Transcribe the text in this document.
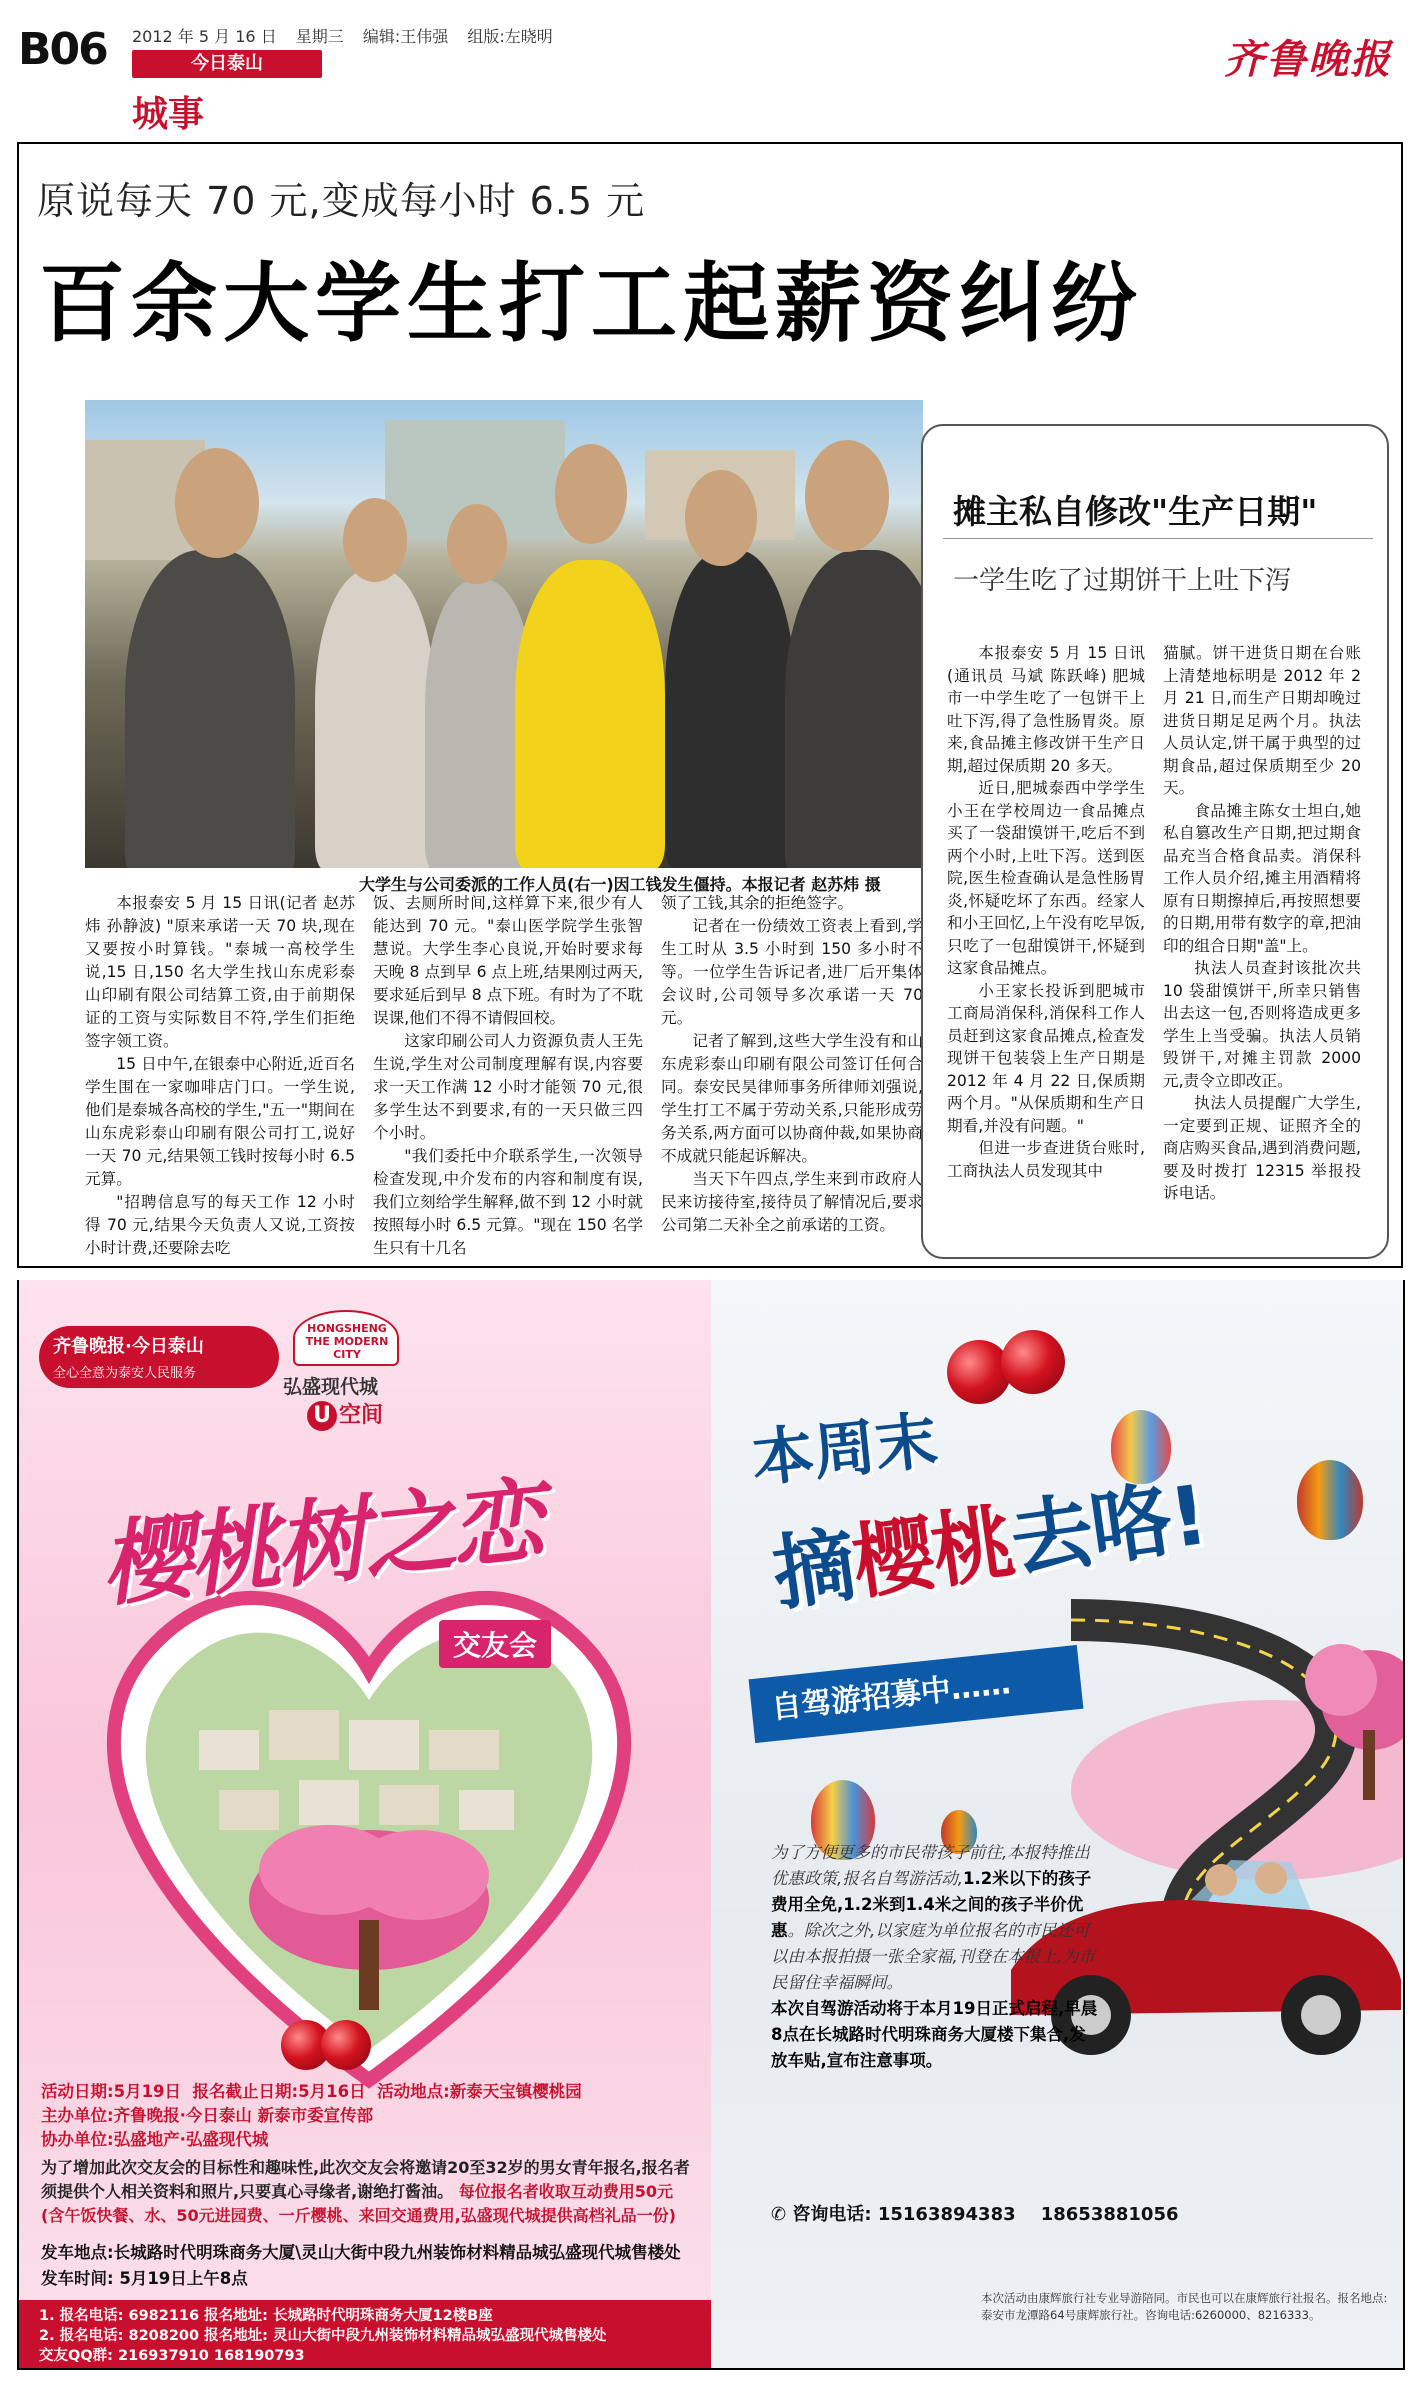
B06 2012 年 5 月 16 日 星期三 编辑:王伟强 组版:左晓明
今日泰山
城事
齐鲁晚报
原说每天 70 元,变成每小时 6.5 元
百余大学生打工起薪资纠纷
大学生与公司委派的工作人员(右一)因工钱发生僵持。本报记者 赵苏炜 摄

本报泰安 5 月 15 日讯(记者 赵苏炜 孙静波) "原来承诺一天 70 块,现在又要按小时算钱。"泰城一高校学生说,15 日,150 名大学生找山东虎彩泰山印刷有限公司结算工资,由于前期保证的工资与实际数目不符,学生们拒绝签字领工资。

15 日中午,在银泰中心附近,近百名学生围在一家咖啡店门口。一学生说,他们是泰城各高校的学生,"五一"期间在山东虎彩泰山印刷有限公司打工,说好一天 70 元,结果领工钱时按每小时 6.5 元算。

"招聘信息写的每天工作 12 小时得 70 元,结果今天负责人又说,工资按小时计费,还要除去吃

饭、去厕所时间,这样算下来,很少有人能达到 70 元。"泰山医学院学生张智慧说。大学生李心良说,开始时要求每天晚 8 点到早 6 点上班,结果刚过两天,要求延后到早 8 点下班。有时为了不耽误课,他们不得不请假回校。

这家印刷公司人力资源负责人王先生说,学生对公司制度理解有误,内容要求一天工作满 12 小时才能领 70 元,很多学生达不到要求,有的一天只做三四个小时。

"我们委托中介联系学生,一次领导检查发现,中介发布的内容和制度有误,我们立刻给学生解释,做不到 12 小时就按照每小时 6.5 元算。"现在 150 名学生只有十几名

领了工钱,其余的拒绝签字。

记者在一份绩效工资表上看到,学生工时从 3.5 小时到 150 多小时不等。一位学生告诉记者,进厂后开集体会议时,公司领导多次承诺一天 70 元。

记者了解到,这些大学生没有和山东虎彩泰山印刷有限公司签订任何合同。泰安民昊律师事务所律师刘强说,学生打工不属于劳动关系,只能形成劳务关系,两方面可以协商仲裁,如果协商不成就只能起诉解决。

当天下午四点,学生来到市政府人民来访接待室,接待员了解情况后,要求公司第二天补全之前承诺的工资。

摊主私自修改"生产日期"
一学生吃了过期饼干上吐下泻

本报泰安 5 月 15 日讯(通讯员 马斌 陈跃峰) 肥城市一中学生吃了一包饼干上吐下泻,得了急性肠胃炎。原来,食品摊主修改饼干生产日期,超过保质期 20 多天。

近日,肥城泰西中学学生小王在学校周边一食品摊点买了一袋甜馍饼干,吃后不到两个小时,上吐下泻。送到医院,医生检查确认是急性肠胃炎,怀疑吃坏了东西。经家人和小王回忆,上午没有吃早饭,只吃了一包甜馍饼干,怀疑到这家食品摊点。

小王家长投诉到肥城市工商局消保科,消保科工作人员赶到这家食品摊点,检查发现饼干包装袋上生产日期是 2012 年 4 月 22 日,保质期两个月。"从保质期和生产日期看,并没有问题。"

但进一步查进货台账时,工商执法人员发现其中

猫腻。饼干进货日期在台账上清楚地标明是 2012 年 2 月 21 日,而生产日期却晚过进货日期足足两个月。执法人员认定,饼干属于典型的过期食品,超过保质期至少 20 天。

食品摊主陈女士坦白,她私自篡改生产日期,把过期食品充当合格食品卖。消保科工作人员介绍,摊主用酒精将原有日期擦掉后,再按照想要的日期,用带有数字的章,把油印的组合日期"盖"上。

执法人员查封该批次共 10 袋甜馍饼干,所幸只销售出去这一包,否则将造成更多学生上当受骗。执法人员销毁饼干,对摊主罚款 2000 元,责令立即改正。

执法人员提醒广大学生,一定要到正规、证照齐全的商店购买食品,遇到消费问题,要及时拨打 12315 举报投诉电话。

齐鲁晚报·今日泰山
全心全意为泰安人民服务
HONGSHENG THE MODERN CITY
弘盛现代城
U 空间
樱桃树之恋
交友会

活动日期:5月19日 报名截止日期:5月16日 活动地点:新泰天宝镇樱桃园

主办单位:齐鲁晚报·今日泰山 新泰市委宣传部

协办单位:弘盛地产·弘盛现代城

为了增加此次交友会的目标性和趣味性,此次交友会将邀请20至32岁的男女青年报名,报名者须提供个人相关资料和照片,只要真心寻缘者,谢绝打酱油。 每位报名者收取互动费用50元(含午饭快餐、水、50元进园费、一斤樱桃、来回交通费用,弘盛现代城提供高档礼品一份)

发车地点:长城路时代明珠商务大厦\灵山大街中段九州装饰材料精品城弘盛现代城售楼处

发车时间: 5月19日上午8点

1. 报名电话: 6982116 报名地址: 长城路时代明珠商务大厦12楼B座

2. 报名电话: 8208200 报名地址: 灵山大街中段九州装饰材料精品城弘盛现代城售楼处

交友QQ群: 216937910 168190793

本周末
摘樱桃去咯!
自驾游招募中……
为了方便更多的市民带孩子前往,本报特推出优惠政策,报名自驾游活动,1.2米以下的孩子费用全免,1.2米到1.4米之间的孩子半价优惠。除次之外,以家庭为单位报名的市民还可以由本报拍摄一张全家福,刊登在本报上,为市民留住幸福瞬间。
本次自驾游活动将于本月19日正式启程,早晨8点在长城路时代明珠商务大厦楼下集合,发放车贴,宣布注意事项。
✆ 咨询电话: 15163894383 18653881056
本次活动由康辉旅行社专业导游陪同。市民也可以在康辉旅行社报名。报名地点:泰安市龙潭路64号康辉旅行社。咨询电话:6260000、8216333。
